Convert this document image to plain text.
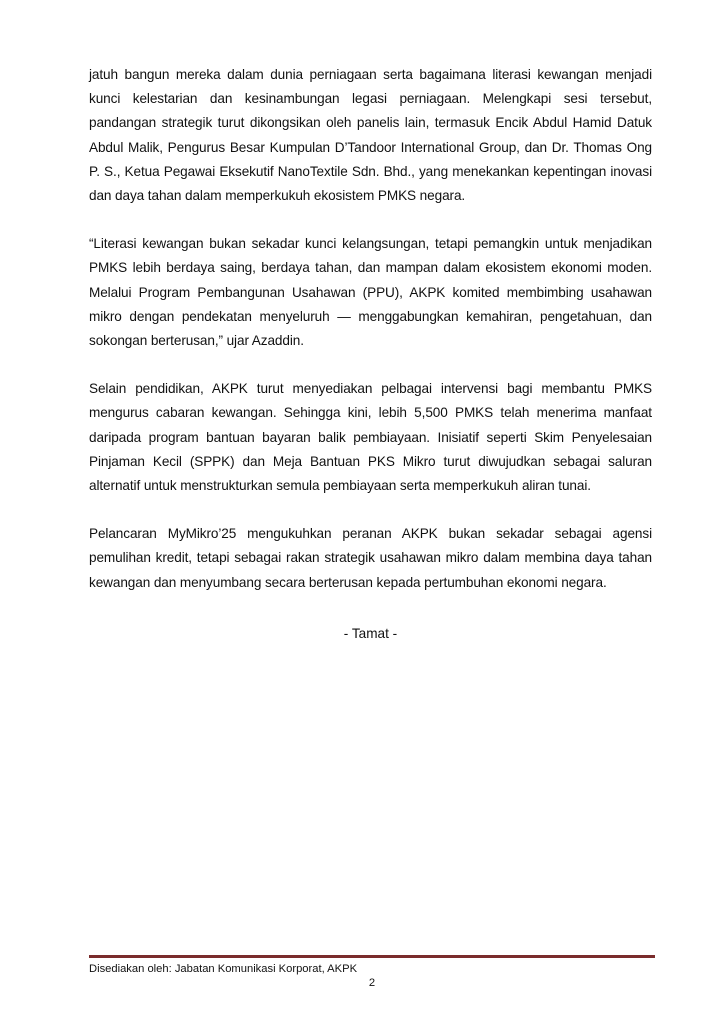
jatuh bangun mereka dalam dunia perniagaan serta bagaimana literasi kewangan menjadi kunci kelestarian dan kesinambungan legasi perniagaan. Melengkapi sesi tersebut, pandangan strategik turut dikongsikan oleh panelis lain, termasuk Encik Abdul Hamid Datuk Abdul Malik, Pengurus Besar Kumpulan D’Tandoor International Group, dan Dr. Thomas Ong P. S., Ketua Pegawai Eksekutif NanoTextile Sdn. Bhd., yang menekankan kepentingan inovasi dan daya tahan dalam memperkukuh ekosistem PMKS negara.

“Literasi kewangan bukan sekadar kunci kelangsungan, tetapi pemangkin untuk menjadikan PMKS lebih berdaya saing, berdaya tahan, dan mampan dalam ekosistem ekonomi moden. Melalui Program Pembangunan Usahawan (PPU), AKPK komited membimbing usahawan mikro dengan pendekatan menyeluruh — menggabungkan kemahiran, pengetahuan, dan sokongan berterusan,” ujar Azaddin.

Selain pendidikan, AKPK turut menyediakan pelbagai intervensi bagi membantu PMKS mengurus cabaran kewangan. Sehingga kini, lebih 5,500 PMKS telah menerima manfaat daripada program bantuan bayaran balik pembiayaan. Inisiatif seperti Skim Penyelesaian Pinjaman Kecil (SPPK) dan Meja Bantuan PKS Mikro turut diwujudkan sebagai saluran alternatif untuk menstrukturkan semula pembiayaan serta memperkukuh aliran tunai.

Pelancaran MyMikro’25 mengukuhkan peranan AKPK bukan sekadar sebagai agensi pemulihan kredit, tetapi sebagai rakan strategik usahawan mikro dalam membina daya tahan kewangan dan menyumbang secara berterusan kepada pertumbuhan ekonomi negara.

- Tamat -
Disediakan oleh: Jabatan Komunikasi Korporat, AKPK
2
